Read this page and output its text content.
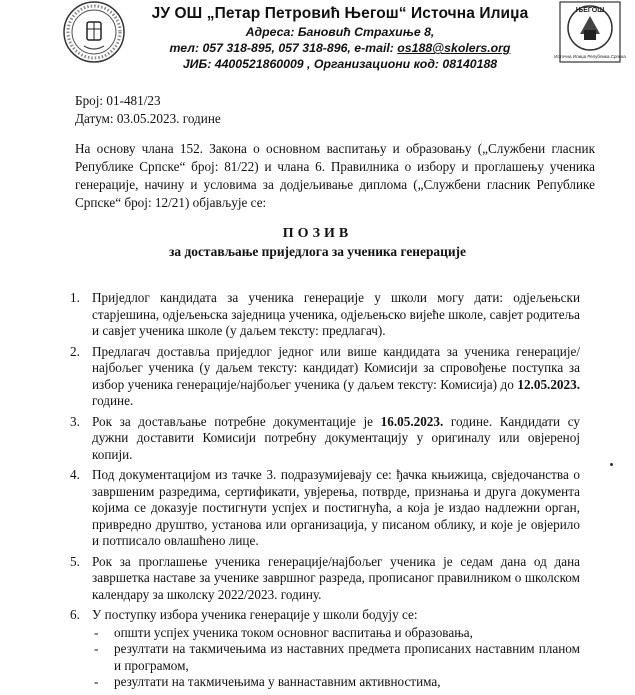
ЈУ ОШ „Петар Петровић Његош“ Источна Илиџа
Адреса: Бановић Страхиње 8,
тел: 057 318-895, 057 318-896, e-mail: os188@skolers.org
ЈИБ: 4400521860009 , Организациони код: 08140188
ЊЕГОШ
Источна Илиџа Република Српска
Број: 01-481/23
Датум: 03.05.2023. године
На основу члана 152. Закона о основном васпитању и образовању („Службени гласник Републике Српске“ број: 81/22) и члана 6. Правилника о избору и проглашењу ученика генерације, начину и условима за додјељивање диплома („Службени гласник Републике Српске“ број: 12/21) објављује се:
ПОЗИВ
за достављање приједлога за ученика генерације
1. Приједлог кандидата за ученика генерације у школи могу дати: одјељењски старјешина, одјељењска заједница ученика, одјељењско вијеће школе, савјет родитеља и савјет ученика школе (у даљем тексту: предлагач).
2. Предлагач доставља приједлог једног или више кандидата за ученика генерације/најбољег ученика (у даљем тексту: кандидат) Комисији за спровођење поступка за избор ученика генерације/најбољег ученика (у даљем тексту: Комисија) до 12.05.2023. године.
3. Рок за достављање потребне документације је 16.05.2023. године. Кандидати су дужни доставити Комисији потребну документацију у оригиналу или овјереној копији.
4. Под документацијом из тачке 3. подразумијевају се: ђачка књижица, свједочанства о завршеним разредима, сертификати, увјерења, потврде, признања и друга документа којима се доказује постигнути успјех и постигнућа, а која је издао надлежни орган, привредно друштво, установа или организација, у писаном облику, и које је овјерило и потписало овлашћено лице.
5. Рок за проглашење ученика генерације/најбољег ученика је седам дана од дана завршетка наставе за ученике завршног разреда, прописаног правилником о школском календару за школску 2022/2023. годину.
6. У поступку избора ученика генерације у школи бодују се:
- општи успјех ученика током основног васпитања и образовања,
- резултати на такмичењима из наставних предмета прописаних наставним планом и програмом,
- резултати на такмичењима у ваннаставним активностима,
